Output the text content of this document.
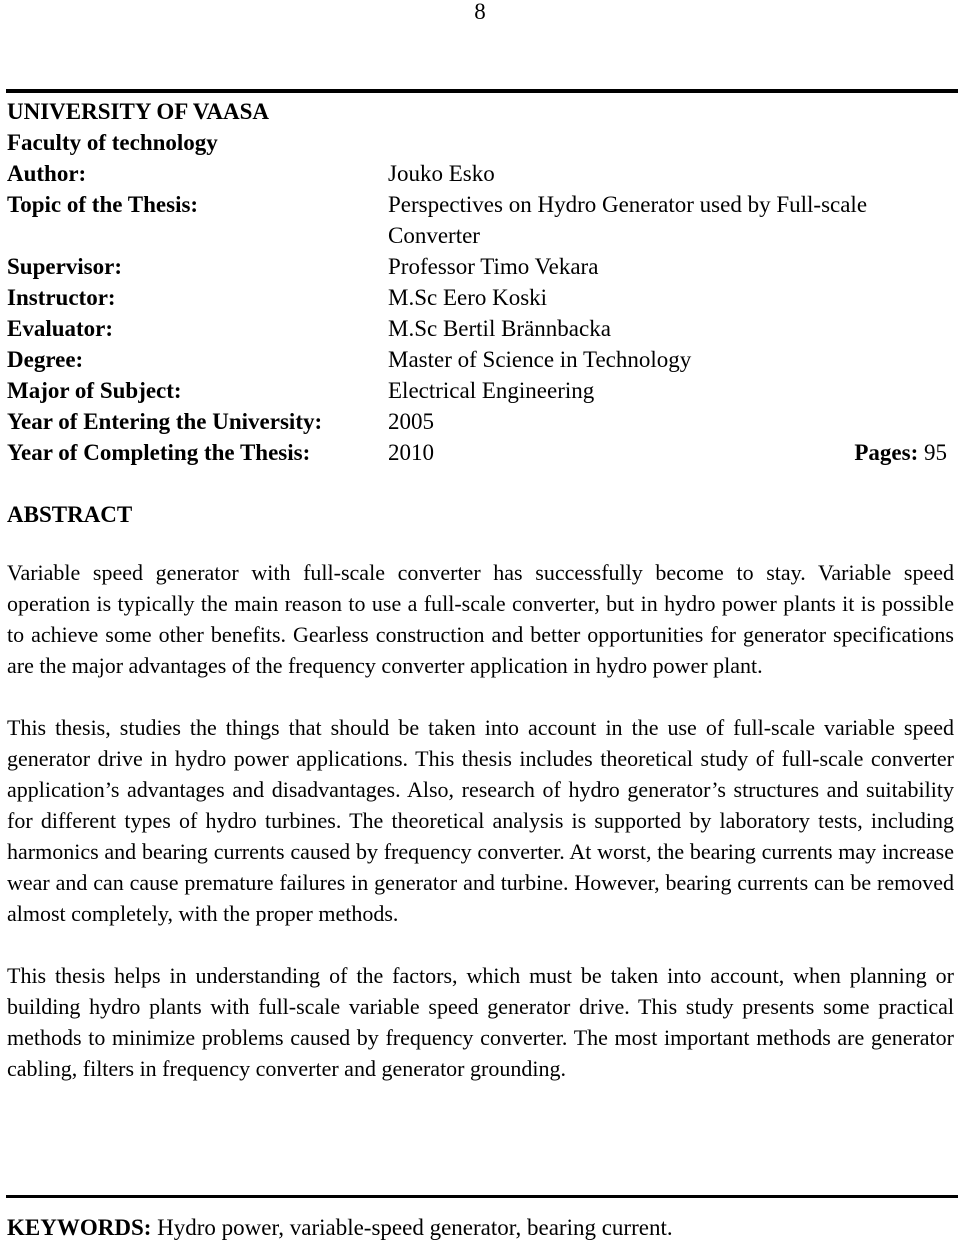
8
UNIVERSITY OF VAASA
Faculty of technology
Author:	Jouko Esko
Topic of the Thesis:	Perspectives on Hydro Generator used by Full-scale Converter
Supervisor:	Professor Timo Vekara
Instructor:	M.Sc Eero Koski
Evaluator:	M.Sc Bertil Brännbacka
Degree:	Master of Science in Technology
Major of Subject:	Electrical Engineering
Year of Entering the University:	2005
Year of Completing the Thesis:	2010	Pages: 95
ABSTRACT

Variable speed generator with full-scale converter has successfully become to stay. Variable speed operation is typically the main reason to use a full-scale converter, but in hydro power plants it is possible to achieve some other benefits. Gearless construction and better opportunities for generator specifications are the major advantages of the frequency converter application in hydro power plant.

This thesis, studies the things that should be taken into account in the use of full-scale variable speed generator drive in hydro power applications. This thesis includes theoretical study of full-scale converter application’s advantages and disadvantages. Also, research of hydro generator’s structures and suitability for different types of hydro turbines. The theoretical analysis is supported by laboratory tests, including harmonics and bearing currents caused by frequency converter. At worst, the bearing currents may increase wear and can cause premature failures in generator and turbine. However, bearing currents can be removed almost completely, with the proper methods.

This thesis helps in understanding of the factors, which must be taken into account, when planning or building hydro plants with full-scale variable speed generator drive. This study presents some practical methods to minimize problems caused by frequency converter. The most important methods are generator cabling, filters in frequency converter and generator grounding.

KEYWORDS: Hydro power, variable-speed generator, bearing current.
